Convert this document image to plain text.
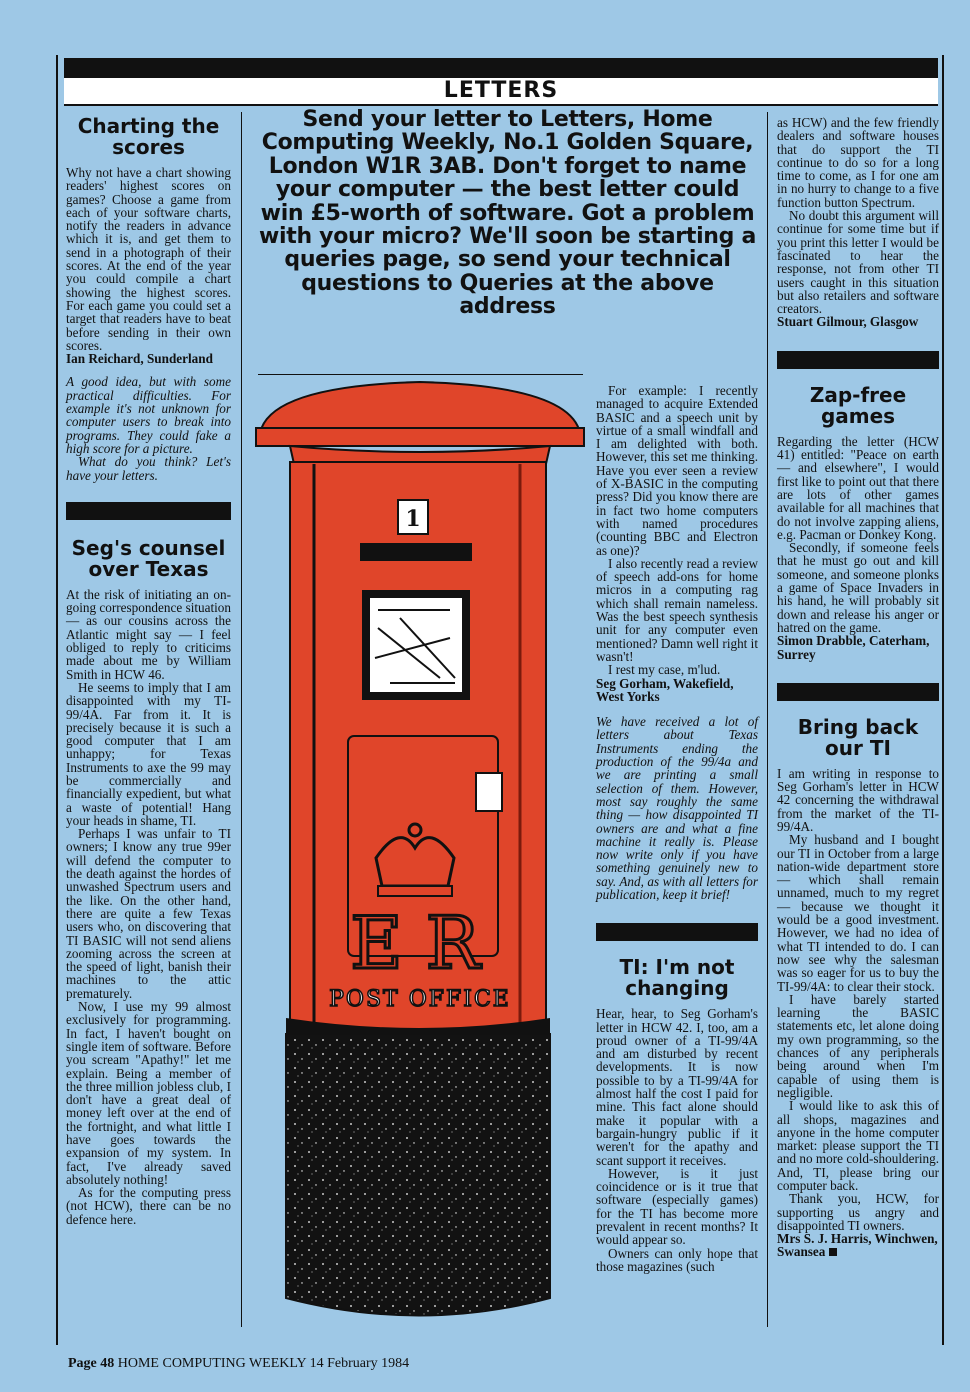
LETTERS
Charting the scores

Why not have a chart showing readers' highest scores on games? Choose a game from each of your software charts, notify the readers in advance which it is, and get them to send in a photograph of their scores. At the end of the year you could compile a chart showing the highest scores. For each game you could set a target that readers have to beat before sending in their own scores.

Ian Reichard, Sunderland

A good idea, but with some practical difficulties. For example it's not unknown for computer users to break into programs. They could fake a high score for a picture.

What do you think? Let's have your letters.

Seg's counsel over Texas

At the risk of initiating an on-going correspondence situation — as our cousins across the Atlantic might say — I feel obliged to reply to criticims made about me by William Smith in HCW 46.

He seems to imply that I am disappointed with my TI-99/4A. Far from it. It is precisely because it is such a good computer that I am unhappy; for Texas Instruments to axe the 99 may be commercially and financially expedient, but what a waste of potential! Hang your heads in shame, TI.

Perhaps I was unfair to TI owners; I know any true 99er will defend the computer to the death against the hordes of unwashed Spectrum users and the like. On the other hand, there are quite a few Texas users who, on discovering that TI BASIC will not send aliens zooming across the screen at the speed of light, banish their machines to the attic prematurely.

Now, I use my 99 almost exclusively for programming. In fact, I haven't bought on single item of software. Before you scream "Apathy!" let me explain. Being a member of the three million jobless club, I don't have a great deal of money left over at the end of the fortnight, and what little I have goes towards the expansion of my system. In fact, I've already saved absolutely nothing!

As for the computing press (not HCW), there can be no defence here.

Send your letter to Letters, Home Computing Weekly, No.1 Golden Square, London W1R 3AB. Don't forget to name your computer — the best letter could win £5-worth of software. Got a problem with your micro? We'll soon be starting a queries page, so send your technical questions to Queries at the above address
1
E R
POST OFFICE

For example: I recently managed to acquire Extended BASIC and a speech unit by virtue of a small windfall and I am delighted with both. However, this set me thinking. Have you ever seen a review of X-BASIC in the computing press? Did you know there are in fact two home computers with named procedures (counting BBC and Electron as one)?

I also recently read a review of speech add-ons for home micros in a computing rag which shall remain nameless. Was the best speech synthesis unit for any computer even mentioned? Damn well right it wasn't!

I rest my case, m'lud.

Seg Gorham, Wakefield, West Yorks

We have received a lot of letters about Texas Instruments ending the production of the 99/4a and we are printing a small selection of them. However, most say roughly the same thing — how disappointed TI owners are and what a fine machine it really is. Please now write only if you have something genuinely new to say. And, as with all letters for publication, keep it brief!

TI: I'm not changing

Hear, hear, to Seg Gorham's letter in HCW 42. I, too, am a proud owner of a TI-99/4A and am disturbed by recent developments. It is now possible to by a TI-99/4A for almost half the cost I paid for mine. This fact alone should make it popular with a bargain-hungry public if it weren't for the apathy and scant support it receives.

However, is it just coincidence or is it true that software (especially games) for the TI has become more prevalent in recent months? It would appear so.

Owners can only hope that those magazines (such

as HCW) and the few friendly dealers and software houses that do support the TI continue to do so for a long time to come, as I for one am in no hurry to change to a five function button Spectrum.

No doubt this argument will continue for some time but if you print this letter I would be fascinated to hear the response, not from other TI users caught in this situation but also retailers and software creators.

Stuart Gilmour, Glasgow

Zap-free games

Regarding the letter (HCW 41) entitled: "Peace on earth — and elsewhere", I would first like to point out that there are lots of other games available for all machines that do not involve zapping aliens, e.g. Pacman or Donkey Kong.

Secondly, if someone feels that he must go out and kill someone, and someone plonks a game of Space Invaders in his hand, he will probably sit down and release his anger or hatred on the game.

Simon Drabble, Caterham, Surrey

Bring back our TI

I am writing in response to Seg Gorham's letter in HCW 42 concerning the withdrawal from the market of the TI-99/4A.

My husband and I bought our TI in October from a large nation-wide department store — which shall remain unnamed, much to my regret — because we thought it would be a good investment. However, we had no idea of what TI intended to do. I can now see why the salesman was so eager for us to buy the TI-99/4A: to clear their stock.

I have barely started learning the BASIC statements etc, let alone doing my own programming, so the chances of any peripherals being around when I'm capable of using them is negligible.

I would like to ask this of all shops, magazines and anyone in the home computer market: please support the TI and no more cold-shouldering. And, TI, please bring our computer back.

Thank you, HCW, for supporting us angry and disappointed TI owners.

Mrs S. J. Harris, Winchwen, Swansea

Page 48 HOME COMPUTING WEEKLY 14 February 1984
